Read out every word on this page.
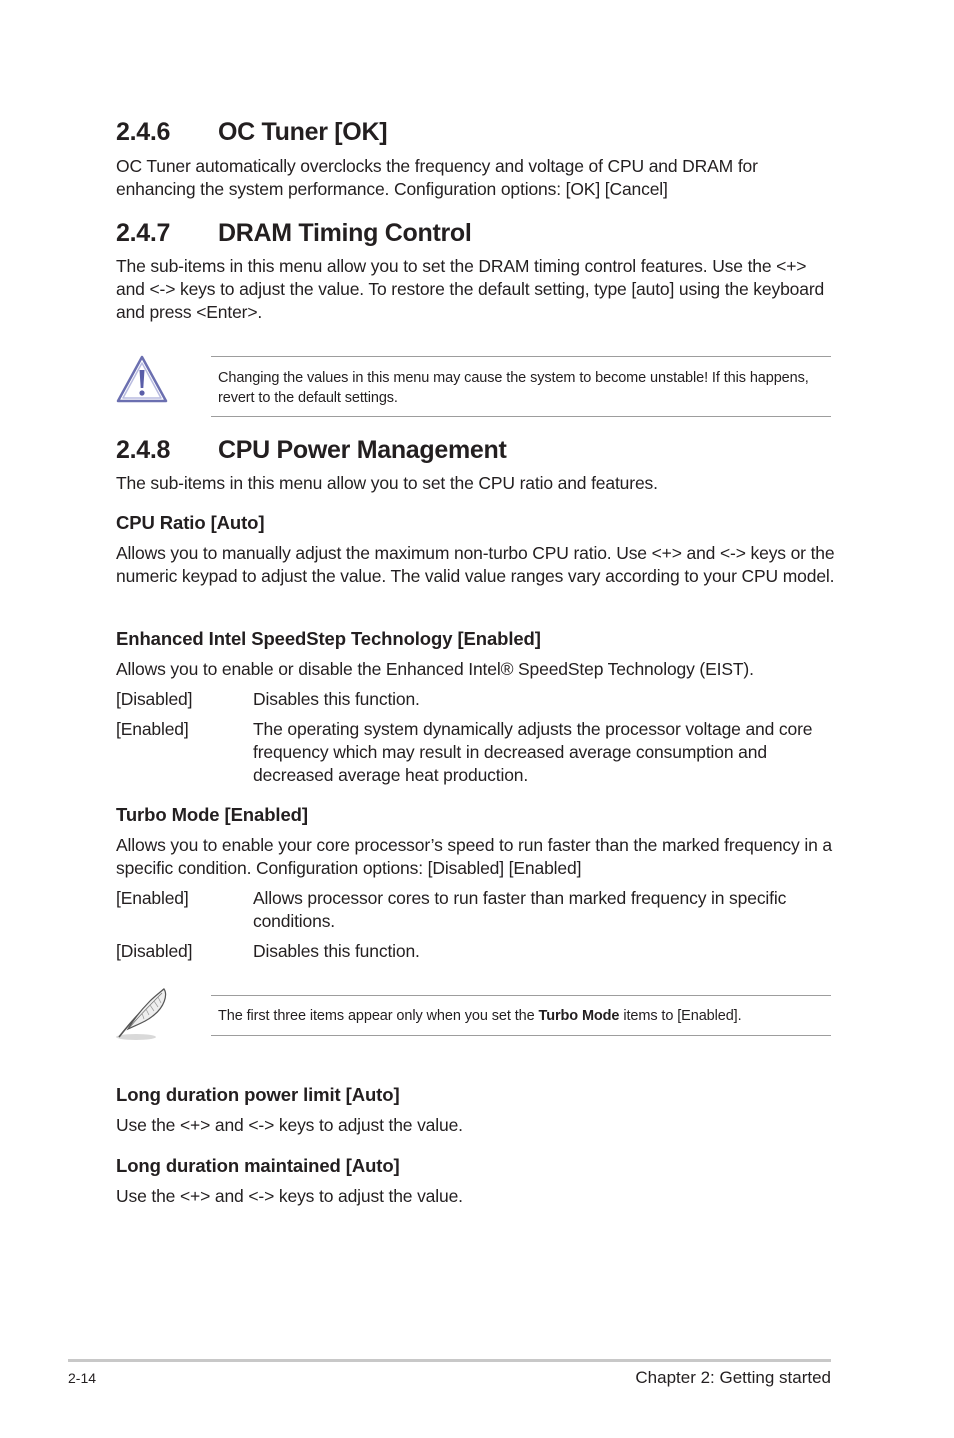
2.4.6 OC Tuner [OK]
OC Tuner automatically overclocks the frequency and voltage of CPU and DRAM for enhancing the system performance. Configuration options: [OK] [Cancel]
2.4.7 DRAM Timing Control
The sub-items in this menu allow you to set the DRAM timing control features. Use the <+> and <-> keys to adjust the value. To restore the default setting, type [auto] using the keyboard and press <Enter>.
Changing the values in this menu may cause the system to become unstable! If this happens, revert to the default settings.
2.4.8 CPU Power Management
The sub-items in this menu allow you to set the CPU ratio and features.
CPU Ratio [Auto]
Allows you to manually adjust the maximum non-turbo CPU ratio. Use <+> and <-> keys or the numeric keypad to adjust the value. The valid value ranges vary according to your CPU model.
Enhanced Intel SpeedStep Technology [Enabled]
Allows you to enable or disable the Enhanced Intel® SpeedStep Technology (EIST).
[Disabled]	Disables this function.
[Enabled]	The operating system dynamically adjusts the processor voltage and core frequency which may result in decreased average consumption and decreased average heat production.
Turbo Mode [Enabled]
Allows you to enable your core processor’s speed to run faster than the marked frequency in a specific condition. Configuration options: [Disabled] [Enabled]
[Enabled]	Allows processor cores to run faster than marked frequency in specific conditions.
[Disabled]	Disables this function.
The first three items appear only when you set the Turbo Mode items to [Enabled].
Long duration power limit [Auto]
Use the <+> and <-> keys to adjust the value.
Long duration maintained [Auto]
Use the <+> and <-> keys to adjust the value.
2-14	Chapter 2: Getting started
